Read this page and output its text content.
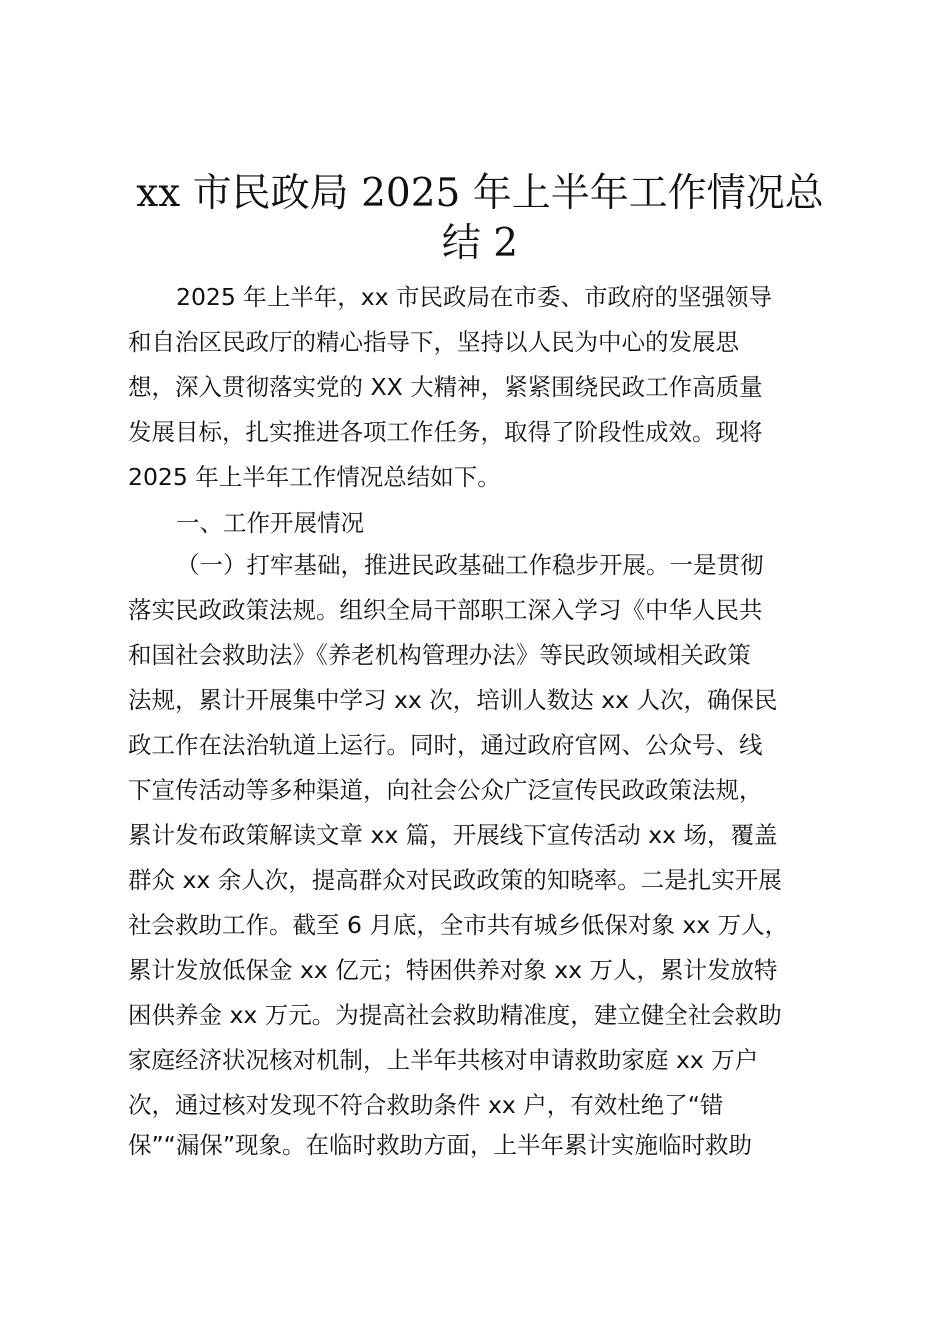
xx 市民政局 2025 年上半年工作情况总
结 2
2025 年上半年，xx 市民政局在市委、市政府的坚强领导
和自治区民政厅的精心指导下，坚持以人民为中心的发展思
想，深入贯彻落实党的 XX 大精神，紧紧围绕民政工作高质量
发展目标，扎实推进各项工作任务，取得了阶段性成效。现将
2025 年上半年工作情况总结如下。
一、工作开展情况
（一）打牢基础，推进民政基础工作稳步开展。一是贯彻
落实民政政策法规。组织全局干部职工深入学习《中华人民共
和国社会救助法》《养老机构管理办法》等民政领域相关政策
法规，累计开展集中学习 xx 次，培训人数达 xx 人次，确保民
政工作在法治轨道上运行。同时，通过政府官网、公众号、线
下宣传活动等多种渠道，向社会公众广泛宣传民政政策法规，
累计发布政策解读文章 xx 篇，开展线下宣传活动 xx 场，覆盖
群众 xx 余人次，提高群众对民政政策的知晓率。二是扎实开展
社会救助工作。截至 6 月底，全市共有城乡低保对象 xx 万人，
累计发放低保金 xx 亿元；特困供养对象 xx 万人，累计发放特
困供养金 xx 万元。为提高社会救助精准度，建立健全社会救助
家庭经济状况核对机制，上半年共核对申请救助家庭 xx 万户
次，通过核对发现不符合救助条件 xx 户，有效杜绝了“错
保”“漏保”现象。在临时救助方面，上半年累计实施临时救助
